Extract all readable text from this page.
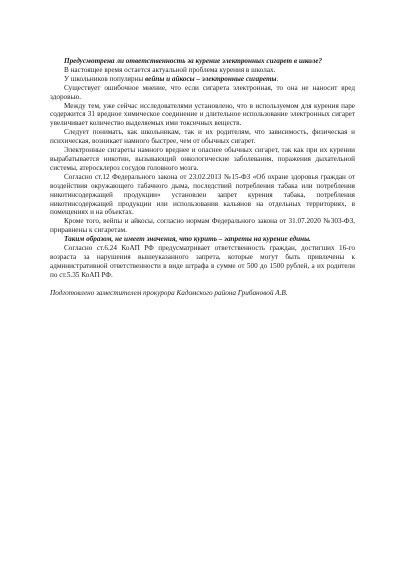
Предусмотрена ли ответственность за курение электронных сигарет в школе?

В настоящее время остается актуальной проблема курения в школах.

У школьников популярны вейпы и айкосы – электронные сигареты.

Существует ошибочное мнение, что если сигарета электронная, то она не наносит вред здоровью.

Между тем, уже сейчас исследователями установлено, что в используемом для курения паре содержится 31 вредное химическое соединение и длительное использование электронных сигарет увеличивает количество выделяемых ими токсичных веществ.

Следует понимать, как школьникам, так и их родителям, что зависимость, физическая и психическая, возникает намного быстрее, чем от обычных сигарет.

Электронные сигареты намного вреднее и опаснее обычных сигарет, так как при их курении вырабатывается никотин, вызывающий онкологические заболевания, поражения дыхательной системы, атеросклероз сосудов головного мозга.

Согласно ст.12 Федерального закона от 23.02.2013 №15-ФЗ «Об охране здоровья граждан от воздействия окружающего табачного дыма, последствий потребления табака или потребления никотинсодержащей продукции» установлен запрет курения табака, потребления никотинсодержащей продукции или использования кальянов на отдельных территориях, в помещениях и на объектах.

Кроме того, вейпы и айкосы, согласно нормам Федерального закона от 31.07.2020 №303-ФЗ, приравнены к сигаретам.

Таким образом, не имеет значения, что курить – запреты на курение едины.

Согласно ст.6.24 КоАП РФ предусматривает ответственность граждан, достигших 16-го возраста за нарушения вышеуказанного запрета, которые могут быть привлечены к административной ответственности в виде штрафа в сумме от 500 до 1500 рублей, а их родители по ст.5.35 КоАП РФ.

Подготовлено заместителем прокурора Кадомского района Грибановой А.В.
